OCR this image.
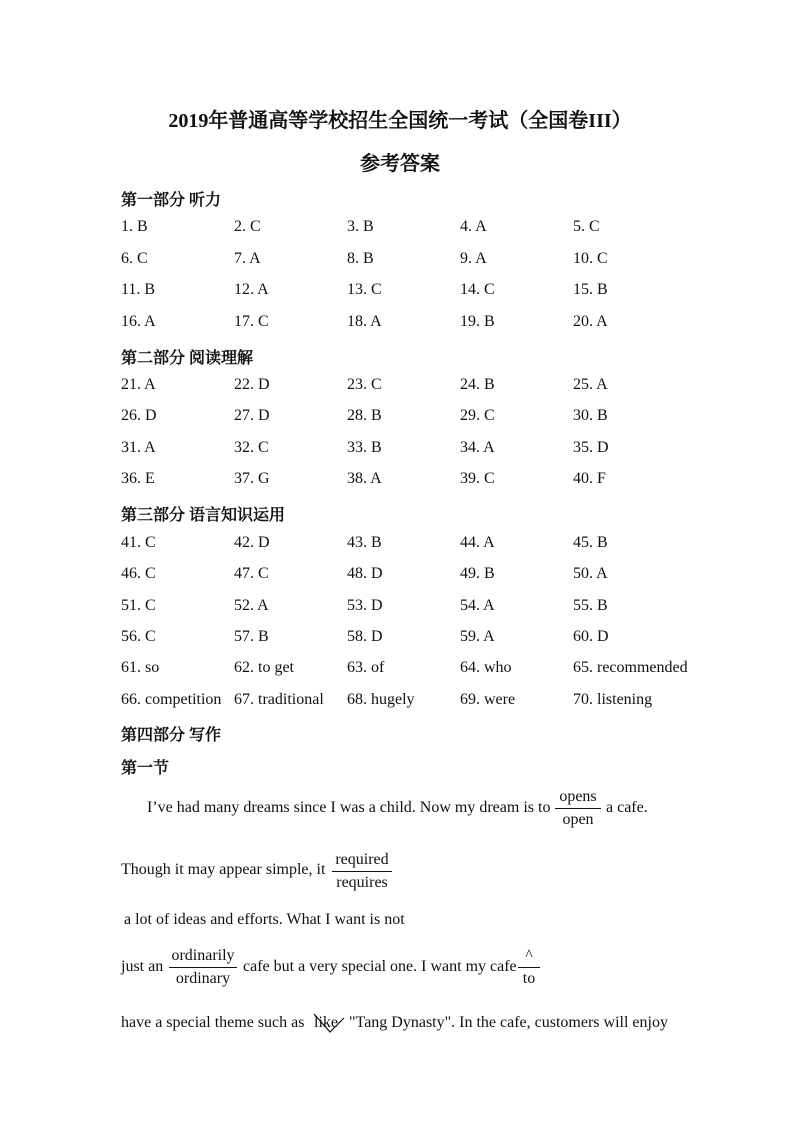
2019年普通高等学校招生全国统一考试（全国卷III）
参考答案
第一部分 听力
1. B	2. C	3. B	4. A	5. C
6. C	7. A	8. B	9. A	10. C
11. B	12. A	13. C	14. C	15. B
16. A	17. C	18. A	19. B	20. A
第二部分 阅读理解
21. A	22. D	23. C	24. B	25. A
26. D	27. D	28. B	29. C	30. B
31. A	32. C	33. B	34. A	35. D
36. E	37. G	38. A	39. C	40. F
第三部分 语言知识运用
41. C	42. D	43. B	44. A	45. B
46. C	47. C	48. D	49. B	50. A
51. C	52. A	53. D	54. A	55. B
56. C	57. B	58. D	59. A	60. D
61. so	62. to get	63. of	64. who	65. recommended
66. competition 67. traditional 68. hugely	69. were	70. listening
第四部分 写作
第一节
I’ve had many dreams since I was a child. Now my dream is to
opens
open
a cafe.
Though it may appear simple, it
required
requires
a lot of ideas and efforts. What I want is not
just an
ordinarily
ordinary
cafe but a very special one. I want my cafe
^
to
have a special theme such as like "Tang Dynasty". In the cafe, customers will enjoy
